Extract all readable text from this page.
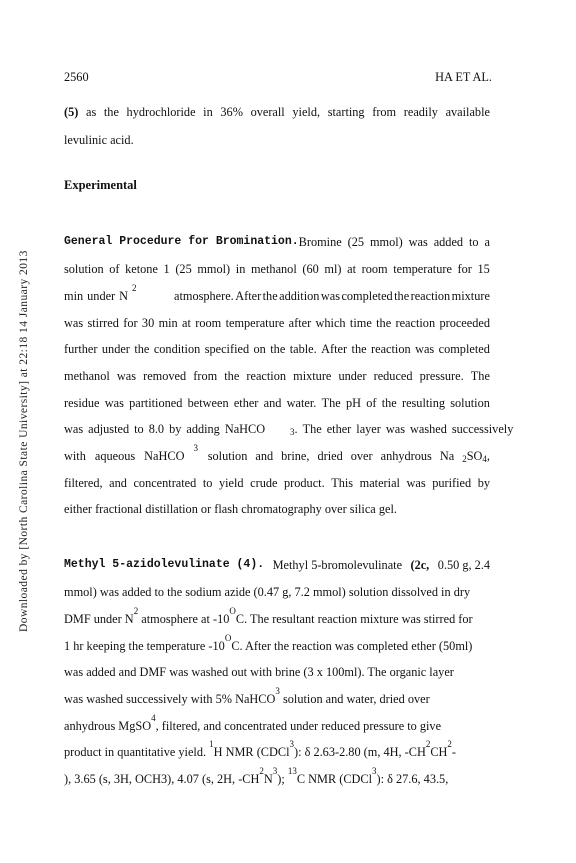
Downloaded by [North Carolina State University] at 22:18 14 January 2013
2560	HA ET AL.
(5) as the hydrochloride in 36% overall yield, starting from readily available
levulinic acid.
Experimental
General Procedure for Bromination. Bromine (25 mmol) was added to a
solution of ketone 1 (25 mmol) in methanol (60 ml) at room temperature for 15
min under N
2
atmosphere. After the addition was completed the reaction mixture
was stirred for 30 min at room temperature after which time the reaction proceeded
further under the condition specified on the table. After the reaction was completed
methanol was removed from the reaction mixture under reduced pressure. The
residue was partitioned between ether and water. The pH of the resulting solution
was adjusted to 8.0 by adding NaHCO	$_3$ . The ether layer was washed successively
with aqueous NaHCO
3
solution and brine, dried over anhydrous Na $_2SO_4$,
filtered, and concentrated to yield crude product. This material was purified by
either fractional distillation or flash chromatography over silica gel.
Methyl 5-azidolevulinate (4). Methyl 5-bromolevulinate (2c, 0.50 g, 2.4
mmol) was added to the sodium azide (0.47 g, 7.2 mmol) solution dissolved in dry
DMF under N
2

atmosphere at -10
O
C. The resultant reaction mixture was stirred for
1 hr keeping the temperature -10
O
C. After the reaction was completed ether (50ml)
was added and DMF was washed out with brine (3 x 100ml). The organic layer
was washed successively with 5% NaHCO
3

solution and water, dried over
anhydrous MgSO
4
, filtered, and concentrated under reduced pressure to give
product in quantitative yield.

1
H NMR (CDCl
3
): δ 2.63-2.80 (m, 4H, -CH
2
CH
2
-
), 3.65 (s, 3H, OCH3), 4.07 (s, 2H, -CH
2
N
3
);

13
C NMR (CDCl
3
): δ 27.6, 43.5,
